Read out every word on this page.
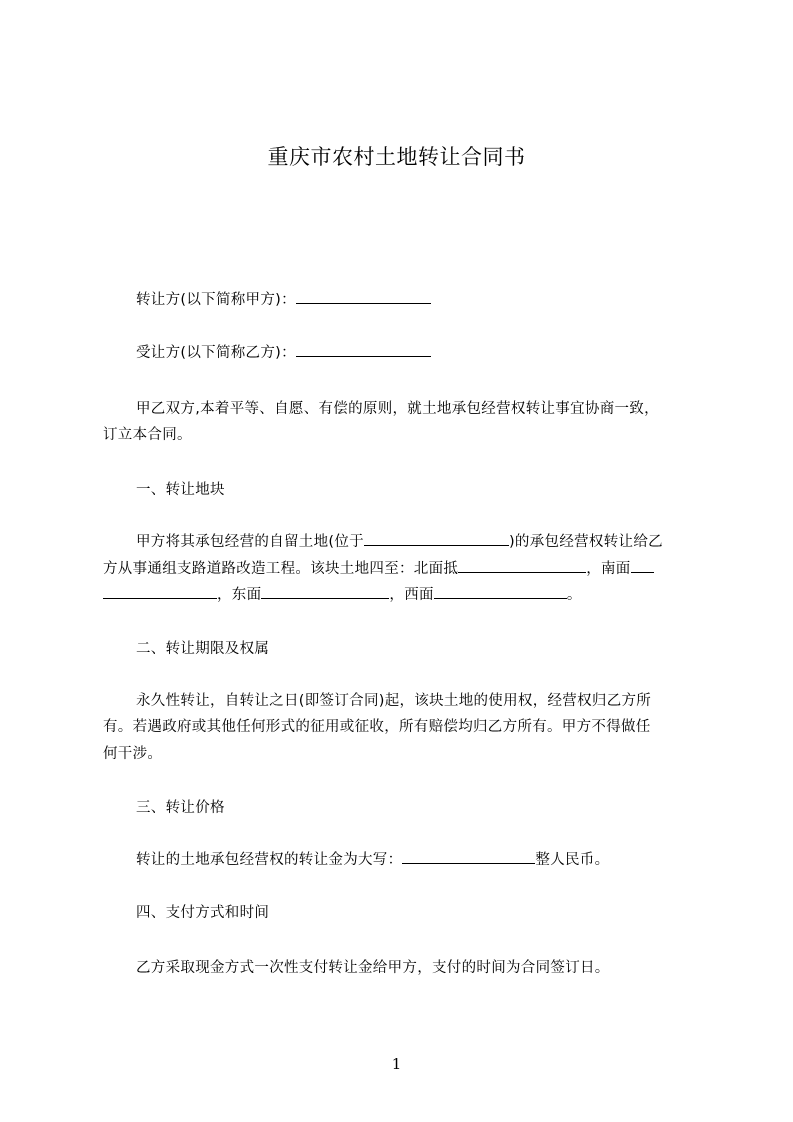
重庆市农村土地转让合同书
转让方(以下简称甲方)：
受让方(以下简称乙方)：
甲乙双方,本着平等、自愿、有偿的原则，就土地承包经营权转让事宜协商一致，
订立本合同。
一、转让地块
甲方将其承包经营的自留土地(位于	)的承包经营权转让给乙
方从事通组支路道路改造工程。该块土地四至：北面抵	，南面
，东面	，西面	。
二、转让期限及权属
永久性转让，自转让之日(即签订合同)起，该块土地的使用权，经营权归乙方所
有。若遇政府或其他任何形式的征用或征收，所有赔偿均归乙方所有。甲方不得做任
何干涉。
三、转让价格
转让的土地承包经营权的转让金为大写：	整人民币。
四、支付方式和时间
乙方采取现金方式一次性支付转让金给甲方，支付的时间为合同签订日。
1
